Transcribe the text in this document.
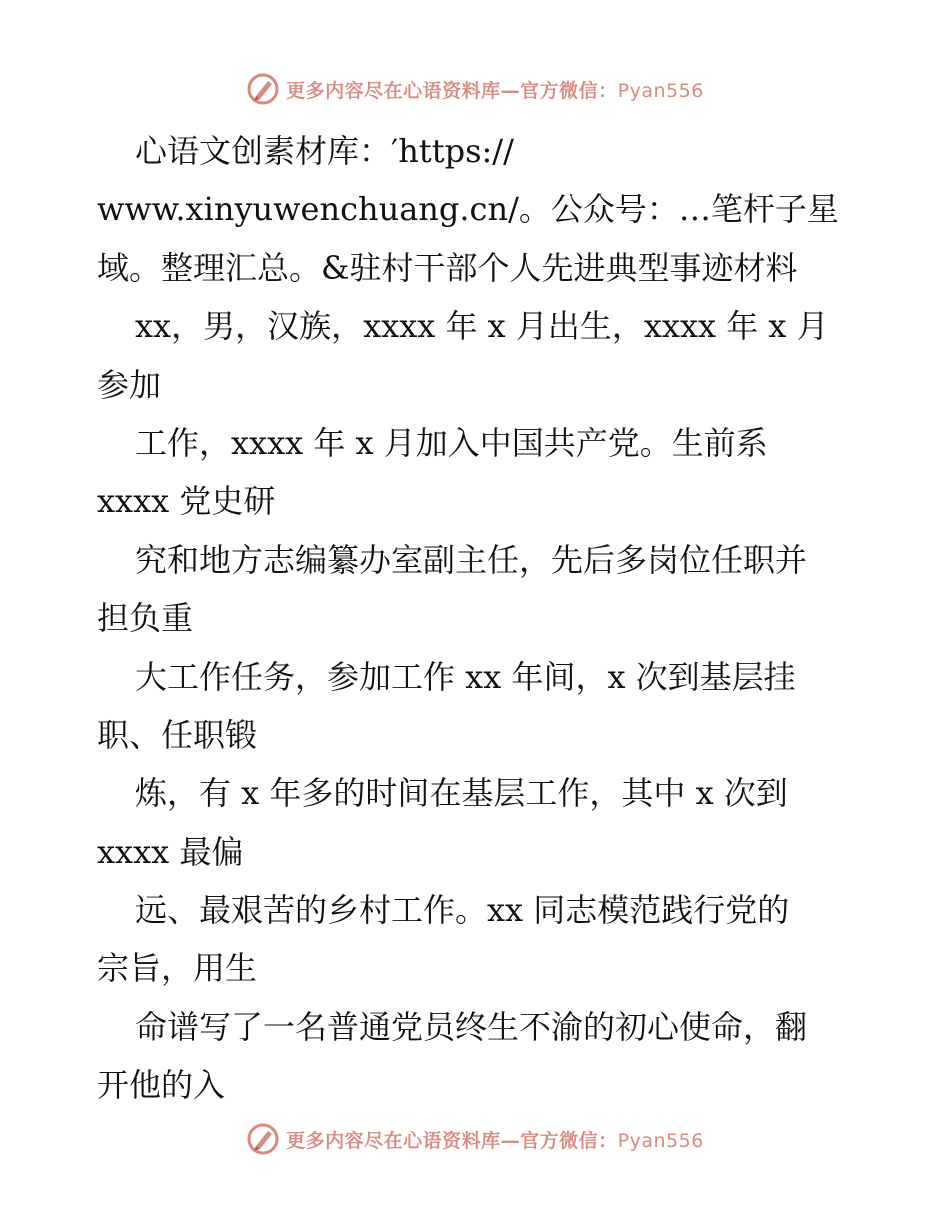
更多内容尽在心语资料库—官方微信：Pyan556
心语文创素材库：′https://
www.xinyuwenchuang.cn/。公众号：…笔杆子星
域。整理汇总。&驻村干部个人先进典型事迹材料
xx，男，汉族，xxxx 年 x 月出生，xxxx 年 x 月
参加
工作，xxxx 年 x 月加入中国共产党。生前系
xxxx 党史研
究和地方志编纂办室副主任，先后多岗位任职并
担负重
大工作任务，参加工作 xx 年间，x 次到基层挂
职、任职锻
炼，有 x 年多的时间在基层工作，其中 x 次到
xxxx 最偏
远、最艰苦的乡村工作。xx 同志模范践行党的
宗旨，用生
命谱写了一名普通党员终生不渝的初心使命，翻
开他的入
更多内容尽在心语资料库—官方微信：Pyan556
